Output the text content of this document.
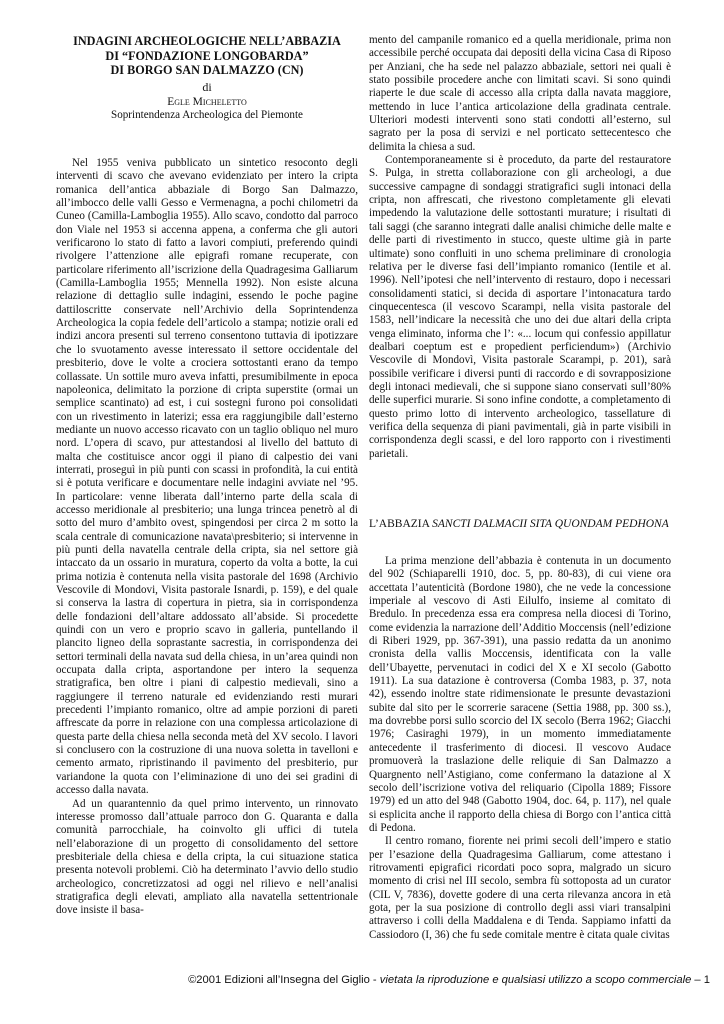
INDAGINI ARCHEOLOGICHE NELL’ABBAZIA
DI “FONDAZIONE LONGOBARDA”
DI BORGO SAN DALMAZZO (CN)
di
Egle Micheletto
Soprintendenza Archeologica del Piemonte

Nel 1955 veniva pubblicato un sintetico resoconto degli interventi di scavo che avevano evidenziato per intero la cripta romanica dell’antica abbaziale di Borgo San Dalmazzo, all’imbocco delle valli Gesso e Vermenagna, a pochi chilometri da Cuneo (Camilla-Lamboglia 1955). Allo scavo, condotto dal parroco don Viale nel 1953 si accenna appena, a conferma che gli autori verificarono lo stato di fatto a lavori compiuti, preferendo quindi rivolgere l’attenzione alle epigrafi romane recuperate, con particolare riferimento all’iscrizione della Quadragesima Galliarum (Camilla-Lamboglia 1955; Mennella 1992). Non esiste alcuna relazione di dettaglio sulle indagini, essendo le poche pagine dattiloscritte conservate nell’Archivio della Soprintendenza Archeologica la copia fedele dell’articolo a stampa; notizie orali ed indizi ancora presenti sul terreno consentono tuttavia di ipotizzare che lo svuotamento avesse interessato il settore occidentale del presbiterio, dove le volte a crociera sottostanti erano da tempo collassate. Un sottile muro aveva infatti, presumibilmente in epoca napoleonica, delimitato la porzione di cripta superstite (ormai un semplice scantinato) ad est, i cui sostegni furono poi consolidati con un rivestimento in laterizi; essa era raggiungibile dall’esterno mediante un nuovo accesso ricavato con un taglio obliquo nel muro nord. L’opera di scavo, pur attestandosi al livello del battuto di malta che costituisce ancor oggi il piano di calpestio dei vani interrati, proseguì in più punti con scassi in profondità, la cui entità si è potuta verificare e documentare nelle indagini avviate nel ’95. In particolare: venne liberata dall’interno parte della scala di accesso meridionale al presbiterio; una lunga trincea penetrò al di sotto del muro d’ambito ovest, spingendosi per circa 2 m sotto la scala centrale di comunicazione navata\presbiterio; si intervenne in più punti della navatella centrale della cripta, sia nel settore già intaccato da un ossario in muratura, coperto da volta a botte, la cui prima notizia è contenuta nella visita pastorale del 1698 (Archivio Vescovile di Mondovi, Visita pastorale Isnardi, p. 159), e del quale si conserva la lastra di copertura in pietra, sia in corrispondenza delle fondazioni dell’altare addossato all’abside. Si procedette quindi con un vero e proprio scavo in galleria, puntellando il plancito ligneo della soprastante sacrestia, in corrispondenza dei settori terminali della navata sud della chiesa, in un’area quindi non occupata dalla cripta, asportandone per intero la sequenza stratigrafica, ben oltre i piani di calpestio medievali, sino a raggiungere il terreno naturale ed evidenziando resti murari precedenti l’impianto romanico, oltre ad ampie porzioni di pareti affrescate da porre in relazione con una complessa articolazione di questa parte della chiesa nella seconda metà del XV secolo. I lavori si conclusero con la costruzione di una nuova soletta in tavelloni e cemento armato, ripristinando il pavimento del presbiterio, pur variandone la quota con l’eliminazione di uno dei sei gradini di accesso dalla navata.

Ad un quarantennio da quel primo intervento, un rinnovato interesse promosso dall’attuale parroco don G. Quaranta e dalla comunità parrocchiale, ha coinvolto gli uffici di tutela nell’elaborazione di un progetto di consolidamento del settore presbiteriale della chiesa e della cripta, la cui situazione statica presenta notevoli problemi. Ciò ha determinato l’avvio dello studio archeologico, concretizzatosi ad oggi nel rilievo e nell’analisi stratigrafica degli elevati, ampliato alla navatella settentrionale dove insiste il basa-

mento del campanile romanico ed a quella meridionale, prima non accessibile perché occupata dai depositi della vicina Casa di Riposo per Anziani, che ha sede nel palazzo abbaziale, settori nei quali è stato possibile procedere anche con limitati scavi. Si sono quindi riaperte le due scale di accesso alla cripta dalla navata maggiore, mettendo in luce l’antica articolazione della gradinata centrale. Ulteriori modesti interventi sono stati condotti all’esterno, sul sagrato per la posa di servizi e nel porticato settecentesco che delimita la chiesa a sud.

Contemporaneamente si è proceduto, da parte del restauratore S. Pulga, in stretta collaborazione con gli archeologi, a due successive campagne di sondaggi stratigrafici sugli intonaci della cripta, non affrescati, che rivestono completamente gli elevati impedendo la valutazione delle sottostanti murature; i risultati di tali saggi (che saranno integrati dalle analisi chimiche delle malte e delle parti di rivestimento in stucco, queste ultime già in parte ultimate) sono confluiti in uno schema preliminare di cronologia relativa per le diverse fasi dell’impianto romanico (Ientile et al. 1996). Nell’ipotesi che nell’intervento di restauro, dopo i necessari consolidamenti statici, si decida di asportare l’intonacatura tardo cinquecentesca (il vescovo Scarampi, nella visita pastorale del 1583, nell’indicare la necessità che uno dei due altari della cripta venga eliminato, informa che l’: «... locum qui confessio appillatur dealbari coeptum est e propedient perficiendum») (Archivio Vescovile di Mondovì, Visita pastorale Scarampi, p. 201), sarà possibile verificare i diversi punti di raccordo e di sovrapposizione degli intonaci medievali, che si suppone siano conservati sull’80% delle superfici murarie. Si sono infine condotte, a completamento di questo primo lotto di intervento archeologico, tassellature di verifica della sequenza di piani pavimentali, già in parte visibili in corrispondenza degli scassi, e del loro rapporto con i rivestimenti parietali.

L’ABBAZIA SANCTI DALMACII SITA QUONDAM PEDHONA

La prima menzione dell’abbazia è contenuta in un documento del 902 (Schiaparelli 1910, doc. 5, pp. 80-83), di cui viene ora accettata l’autenticità (Bordone 1980), che ne vede la concessione imperiale al vescovo di Asti Eilulfo, insieme al comitato di Bredulo. In precedenza essa era compresa nella diocesi di Torino, come evidenzia la narrazione dell’Additio Moccensis (nell’edizione di Riberi 1929, pp. 367-391), una passio redatta da un anonimo cronista della vallis Moccensis, identificata con la valle dell’Ubayette, pervenutaci in codici del X e XI secolo (Gabotto 1911). La sua datazione è controversa (Comba 1983, p. 37, nota 42), essendo inoltre state ridimensionate le presunte devastazioni subite dal sito per le scorrerie saracene (Settia 1988, pp. 300 ss.), ma dovrebbe porsi sullo scorcio del IX secolo (Berra 1962; Giacchi 1976; Casiraghi 1979), in un momento immediatamente antecedente il trasferimento di diocesi. Il vescovo Audace promuoverà la traslazione delle reliquie di San Dalmazzo a Quargnento nell’Astigiano, come confermano la datazione al X secolo dell’iscrizione votiva del reliquario (Cipolla 1889; Fissore 1979) ed un atto del 948 (Gabotto 1904, doc. 64, p. 117), nel quale si esplicita anche il rapporto della chiesa di Borgo con l’antica città di Pedona.

Il centro romano, fiorente nei primi secoli dell’impero e statio per l’esazione della Quadragesima Galliarum, come attestano i ritrovamenti epigrafici ricordati poco sopra, malgrado un sicuro momento di crisi nel III secolo, sembra fù sottoposta ad un curator (CIL V, 7836), dovette godere di una certa rilevanza ancora in età gota, per la sua posizione di controllo degli assi viari transalpini attraverso i colli della Maddalena e di Tenda. Sappiamo infatti da Cassiodoro (I, 36) che fu sede comitale mentre è citata quale civitas

©2001 Edizioni all’Insegna del Giglio - vietata la riproduzione e qualsiasi utilizzo a scopo commerciale – 1
